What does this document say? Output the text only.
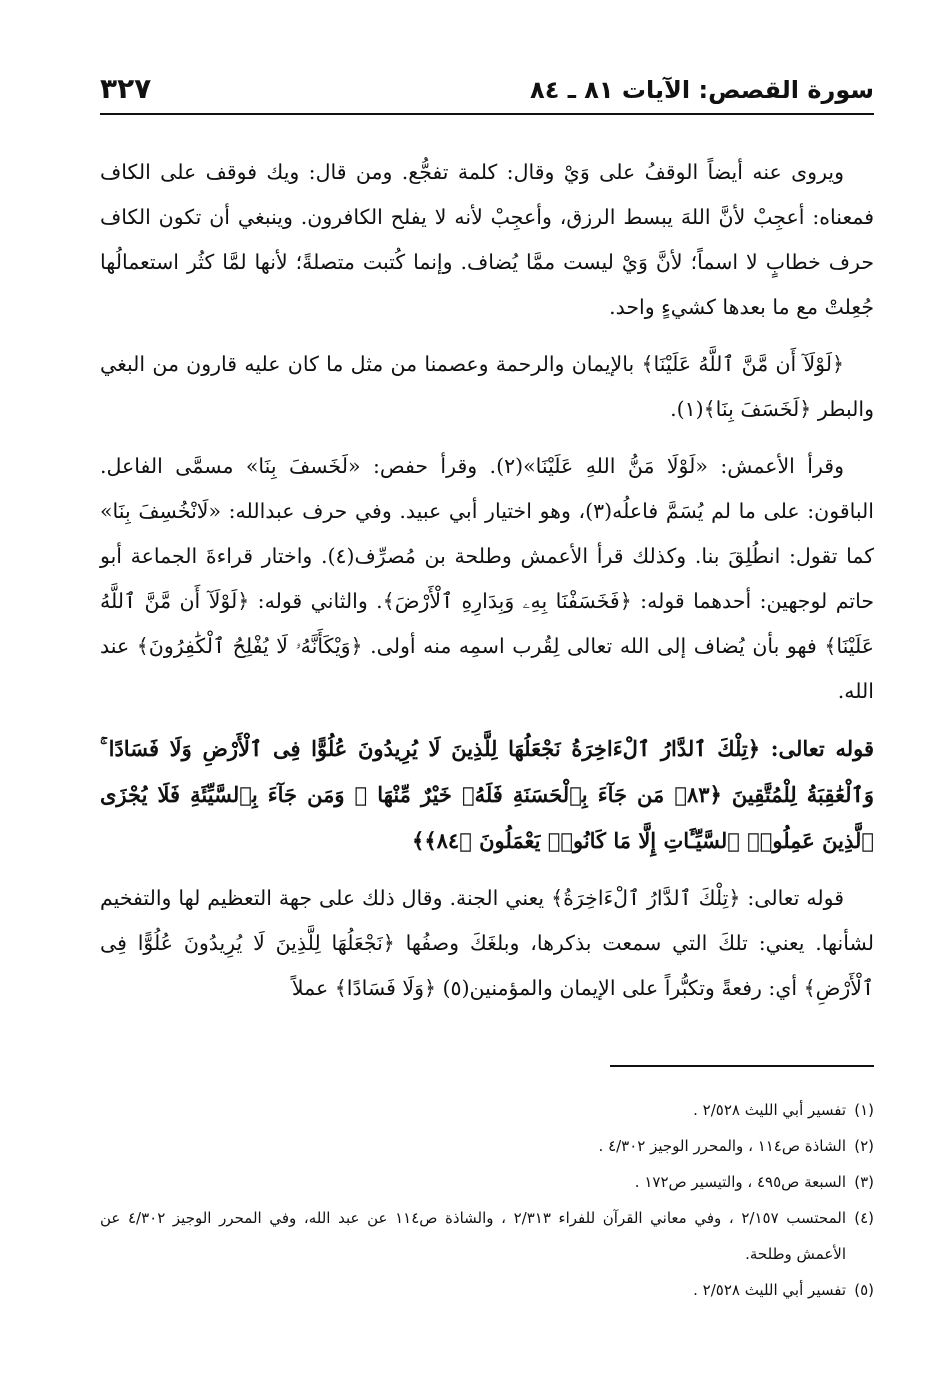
سورة القصص: الآيات ٨١ ـ ٨٤
٣٢٧

ويروى عنه أيضاً الوقفُ على وَيْ وقال: كلمة تفجُّع. ومن قال: ويك فوقف على الكاف فمعناه: أعجِبْ لأنَّ اللهَ يبسط الرزق، وأعجِبْ لأنه لا يفلح الكافرون. وينبغي أن تكون الكاف حرف خطابٍ لا اسماً؛ لأنَّ وَيْ ليست ممَّا يُضاف. وإنما كُتبت متصلةً؛ لأنها لمَّا كثُر استعمالُها جُعِلتْ مع ما بعدها كشيءٍ واحد.

﴿لَوْلَآ أَن مَّنَّ ٱللَّهُ عَلَيْنَا﴾ بالإيمان والرحمة وعصمنا من مثل ما كان عليه قارون من البغي والبطر ﴿لَخَسَفَ بِنَا﴾(١).

وقرأ الأعمش: «لَوْلَا مَنُّ اللهِ عَلَيْنَا»(٢). وقرأ حفص: «لَخَسفَ بِنَا» مسمَّى الفاعل. الباقون: على ما لم يُسَمَّ فاعلُه(٣)، وهو اختيار أبي عبيد. وفي حرف عبدالله: «لَانْخُسِفَ بِنَا» كما تقول: انطُلِقَ بنا. وكذلك قرأ الأعمش وطلحة بن مُصرِّف(٤). واختار قراءةَ الجماعة أبو حاتم لوجهين: أحدهما قوله: ﴿فَخَسَفْنَا بِهِۦ وَبِدَارِهِ ٱلْأَرْضَ﴾. والثاني قوله: ﴿لَوْلَآ أَن مَّنَّ ٱللَّهُ عَلَيْنَا﴾ فهو بأن يُضاف إلى الله تعالى لِقُرب اسمِه منه أولى. ﴿وَيْكَأَنَّهُۥ لَا يُفْلِحُ ٱلْكَٰفِرُونَ﴾ عند الله.

قوله تعالى: ﴿تِلْكَ ٱلدَّارُ ٱلْءَاخِرَةُ نَجْعَلُهَا لِلَّذِينَ لَا يُرِيدُونَ عُلُوًّا فِى ٱلْأَرْضِ وَلَا فَسَادًا ۚ وَٱلْعَٰقِبَةُ لِلْمُتَّقِينَ ﴿٨٣﴾ مَن جَآءَ بِٱلْحَسَنَةِ فَلَهُۥ خَيْرٌ مِّنْهَا ۖ وَمَن جَآءَ بِٱلسَّيِّئَةِ فَلَا يُجْزَى ٱلَّذِينَ عَمِلُوا۟ ٱلسَّيِّـَٔاتِ إِلَّا مَا كَانُوا۟ يَعْمَلُونَ ﴿٨٤﴾﴾

قوله تعالى: ﴿تِلْكَ ٱلدَّارُ ٱلْءَاخِرَةُ﴾ يعني الجنة. وقال ذلك على جهة التعظيم لها والتفخيم لشأنها. يعني: تلكَ التي سمعت بذكرها، وبلغَكَ وصفُها ﴿نَجْعَلُهَا لِلَّذِينَ لَا يُرِيدُونَ عُلُوًّا فِى ٱلْأَرْضِ﴾ أي: رفعةً وتكبُّراً على الإيمان والمؤمنين(٥) ﴿وَلَا فَسَادًا﴾ عملاً

(١)تفسير أبي الليث ٢/٥٢٨ .

(٢)الشاذة ص١١٤ ، والمحرر الوجيز ٤/٣٠٢ .

(٣)السبعة ص٤٩٥ ، والتيسير ص١٧٢ .

(٤)المحتسب ٢/١٥٧ ، وفي معاني القرآن للفراء ٢/٣١٣ ، والشاذة ص١١٤ عن عبد الله، وفي المحرر الوجيز ٤/٣٠٢ عن الأعمش وطلحة.

(٥)تفسير أبي الليث ٢/٥٢٨ .
